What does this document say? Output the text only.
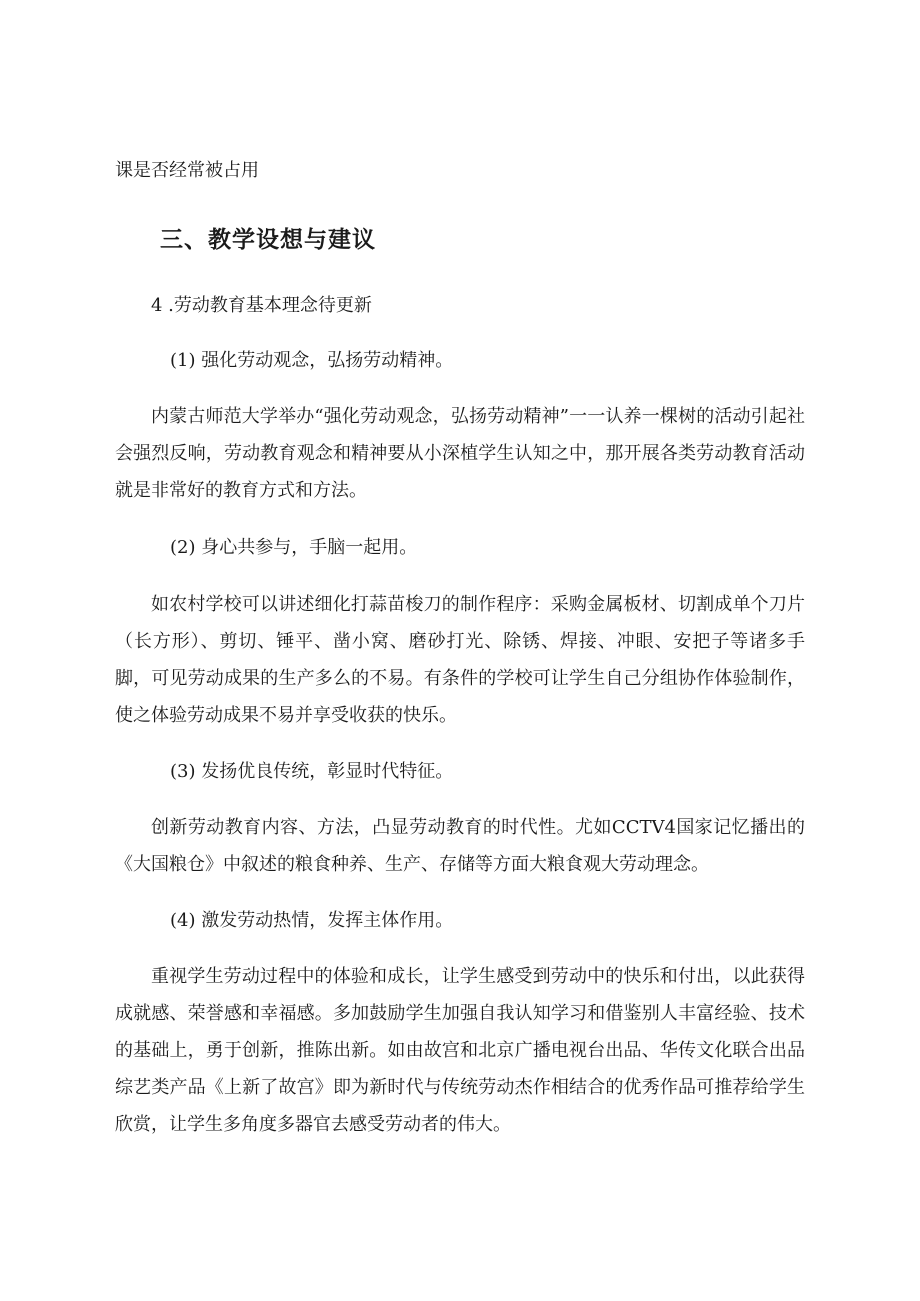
课是否经常被占用

三、教学设想与建议

4 .劳动教育基本理念待更新

(1) 强化劳动观念，弘扬劳动精神。

内蒙古师范大学举办“强化劳动观念，弘扬劳动精神”一一认养一棵树的活动引起社会强烈反响，劳动教育观念和精神要从小深植学生认知之中，那开展各类劳动教育活动就是非常好的教育方式和方法。

(2) 身心共参与，手脑一起用。

如农村学校可以讲述细化打蒜苗梭刀的制作程序：采购金属板材、切割成单个刀片（长方形）、剪切、锤平、凿小窝、磨砂打光、除锈、焊接、冲眼、安把子等诸多手脚，可见劳动成果的生产多么的不易。有条件的学校可让学生自己分组协作体验制作，使之体验劳动成果不易并享受收获的快乐。

(3) 发扬优良传统，彰显时代特征。

创新劳动教育内容、方法，凸显劳动教育的时代性。尤如CCTV4国家记忆播出的《大国粮仓》中叙述的粮食种养、生产、存储等方面大粮食观大劳动理念。

(4) 激发劳动热情，发挥主体作用。

重视学生劳动过程中的体验和成长，让学生感受到劳动中的快乐和付出，以此获得成就感、荣誉感和幸福感。多加鼓励学生加强自我认知学习和借鉴别人丰富经验、技术的基础上，勇于创新，推陈出新。如由故宫和北京广播电视台出品、华传文化联合出品综艺类产品《上新了故宫》即为新时代与传统劳动杰作相结合的优秀作品可推荐给学生欣赏，让学生多角度多器官去感受劳动者的伟大。
